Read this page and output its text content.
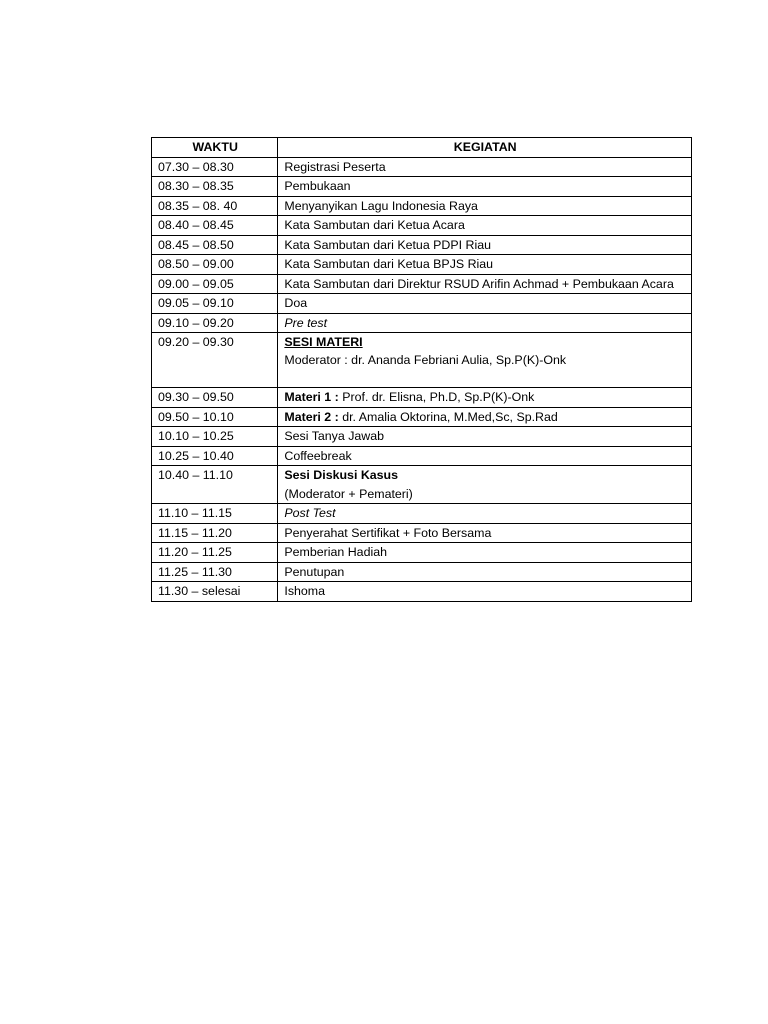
WAKTU	KEGIATAN
07.30 – 08.30	Registrasi Peserta
08.30 – 08.35	Pembukaan
08.35 – 08. 40	Menyanyikan Lagu Indonesia Raya
08.40 – 08.45	Kata Sambutan dari Ketua Acara
08.45 – 08.50	Kata Sambutan dari Ketua PDPI Riau
08.50 – 09.00	Kata Sambutan dari Ketua BPJS Riau
09.00 – 09.05	Kata Sambutan dari Direktur RSUD Arifin Achmad + Pembukaan Acara
09.05 – 09.10	Doa
09.10 – 09.20	Pre test
09.20 – 09.30	SESI MATERI
Moderator : dr. Ananda Febriani Aulia, Sp.P(K)-Onk

09.30 – 09.50	Materi 1 : Prof. dr. Elisna, Ph.D, Sp.P(K)-Onk
09.50 – 10.10	Materi 2 : dr. Amalia Oktorina, M.Med,Sc, Sp.Rad
10.10 – 10.25	Sesi Tanya Jawab
10.25 – 10.40	Coffeebreak
10.40 – 11.10	Sesi Diskusi Kasus
(Moderator + Pemateri)

11.10 – 11.15	Post Test
11.15 – 11.20	Penyerahat Sertifikat + Foto Bersama
11.20 – 11.25	Pemberian Hadiah
11.25 – 11.30	Penutupan
11.30 – selesai	Ishoma
